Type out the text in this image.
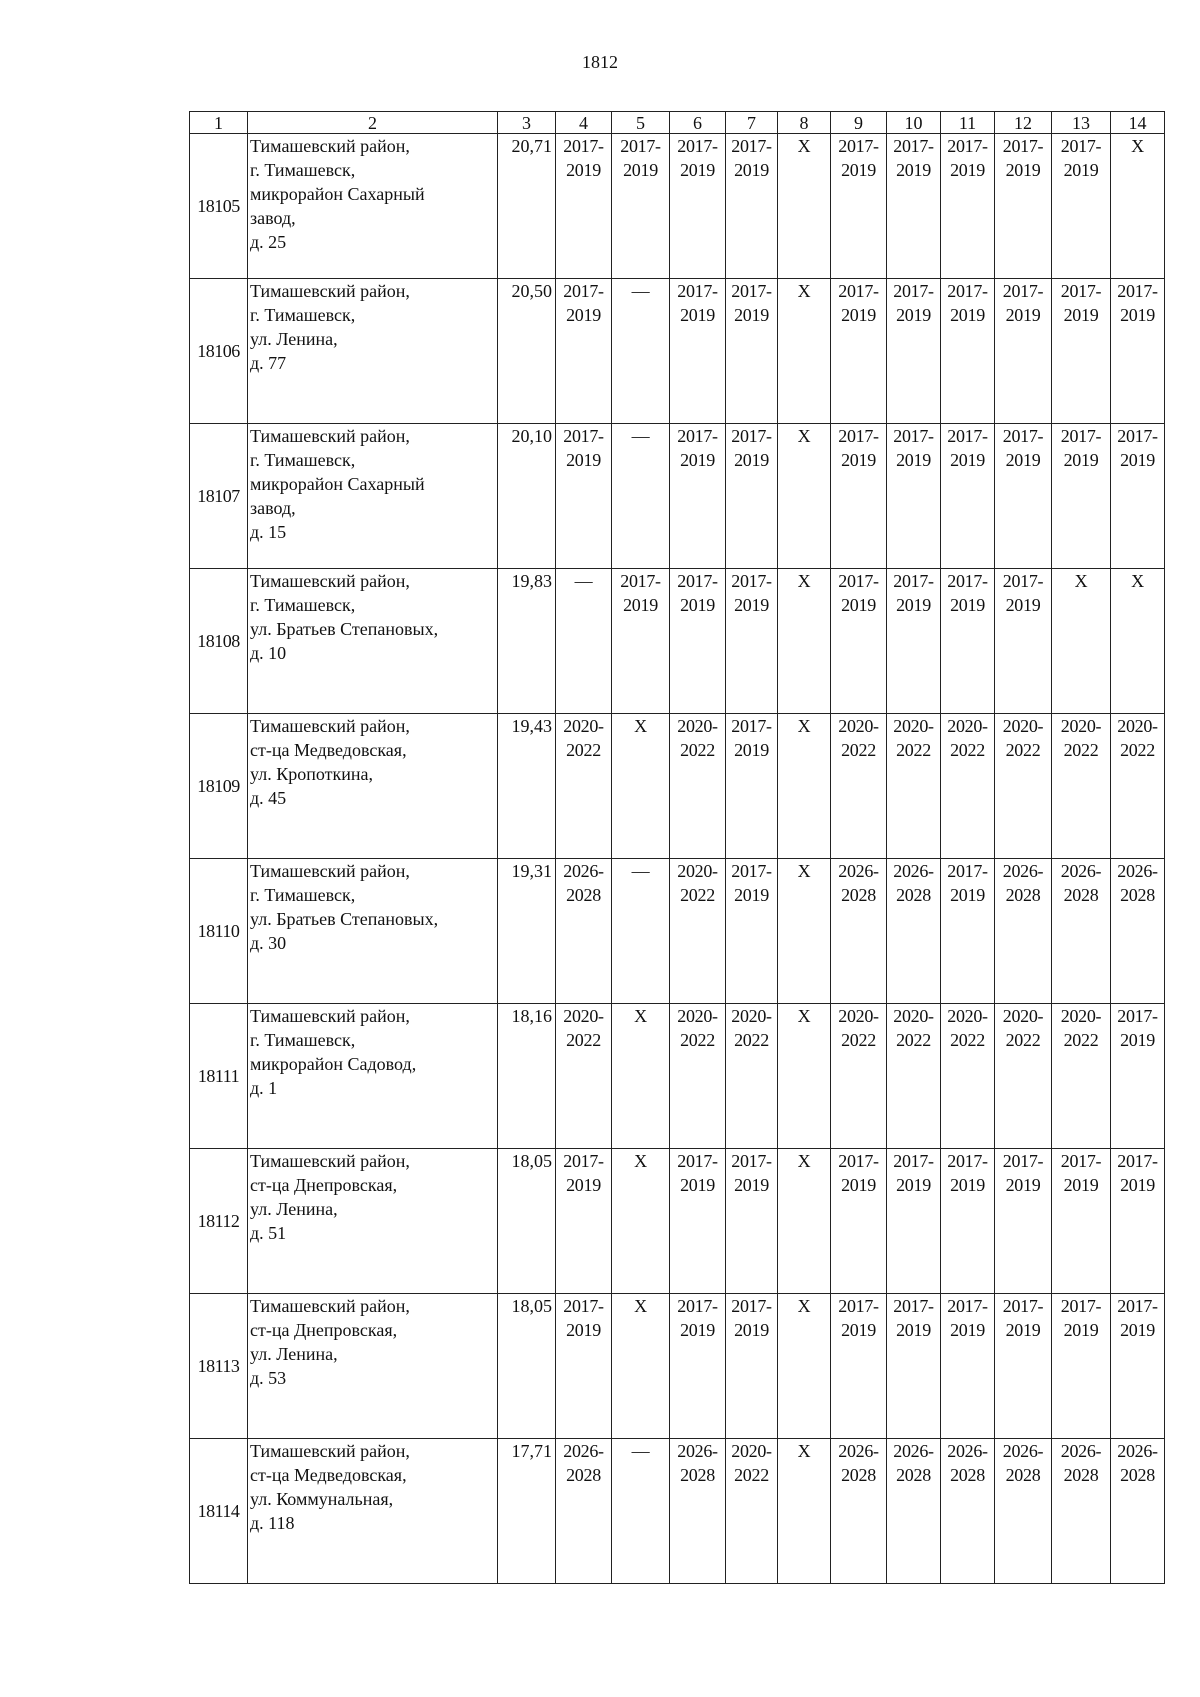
1812
1	2	3	4	5	6	7	8	9	10	11	12	13	14
18105	Тимашевский район,
г. Тимашевск,
микрорайон Сахарный
завод,
д. 25	20,71	2017-
2019	2017-
2019	2017-
2019	2017-
2019	Х	2017-
2019	2017-
2019	2017-
2019	2017-
2019	2017-
2019	Х

18106	Тимашевский район,
г. Тимашевск,
ул. Ленина,
д. 77	20,50	2017-
2019	—	2017-
2019	2017-
2019	Х	2017-
2019	2017-
2019	2017-
2019	2017-
2019	2017-
2019	2017-
2019

18107	Тимашевский район,
г. Тимашевск,
микрорайон Сахарный
завод,
д. 15	20,10	2017-
2019	—	2017-
2019	2017-
2019	Х	2017-
2019	2017-
2019	2017-
2019	2017-
2019	2017-
2019	2017-
2019

18108	Тимашевский район,
г. Тимашевск,
ул. Братьев Степановых,
д. 10	19,83	—	2017-
2019	2017-
2019	2017-
2019	Х	2017-
2019	2017-
2019	2017-
2019	2017-
2019	Х	Х

18109	Тимашевский район,
ст-ца Медведовская,
ул. Кропоткина,
д. 45	19,43	2020-
2022	Х	2020-
2022	2017-
2019	Х	2020-
2022	2020-
2022	2020-
2022	2020-
2022	2020-
2022	2020-
2022

18110	Тимашевский район,
г. Тимашевск,
ул. Братьев Степановых,
д. 30	19,31	2026-
2028	—	2020-
2022	2017-
2019	Х	2026-
2028	2026-
2028	2017-
2019	2026-
2028	2026-
2028	2026-
2028

18111	Тимашевский район,
г. Тимашевск,
микрорайон Садовод,
д. 1	18,16	2020-
2022	Х	2020-
2022	2020-
2022	Х	2020-
2022	2020-
2022	2020-
2022	2020-
2022	2020-
2022	2017-
2019

18112	Тимашевский район,
ст-ца Днепровская,
ул. Ленина,
д. 51	18,05	2017-
2019	Х	2017-
2019	2017-
2019	Х	2017-
2019	2017-
2019	2017-
2019	2017-
2019	2017-
2019	2017-
2019

18113	Тимашевский район,
ст-ца Днепровская,
ул. Ленина,
д. 53	18,05	2017-
2019	Х	2017-
2019	2017-
2019	Х	2017-
2019	2017-
2019	2017-
2019	2017-
2019	2017-
2019	2017-
2019

18114	Тимашевский район,
ст-ца Медведовская,
ул. Коммунальная,
д. 118	17,71	2026-
2028	—	2026-
2028	2020-
2022	Х	2026-
2028	2026-
2028	2026-
2028	2026-
2028	2026-
2028	2026-
2028
